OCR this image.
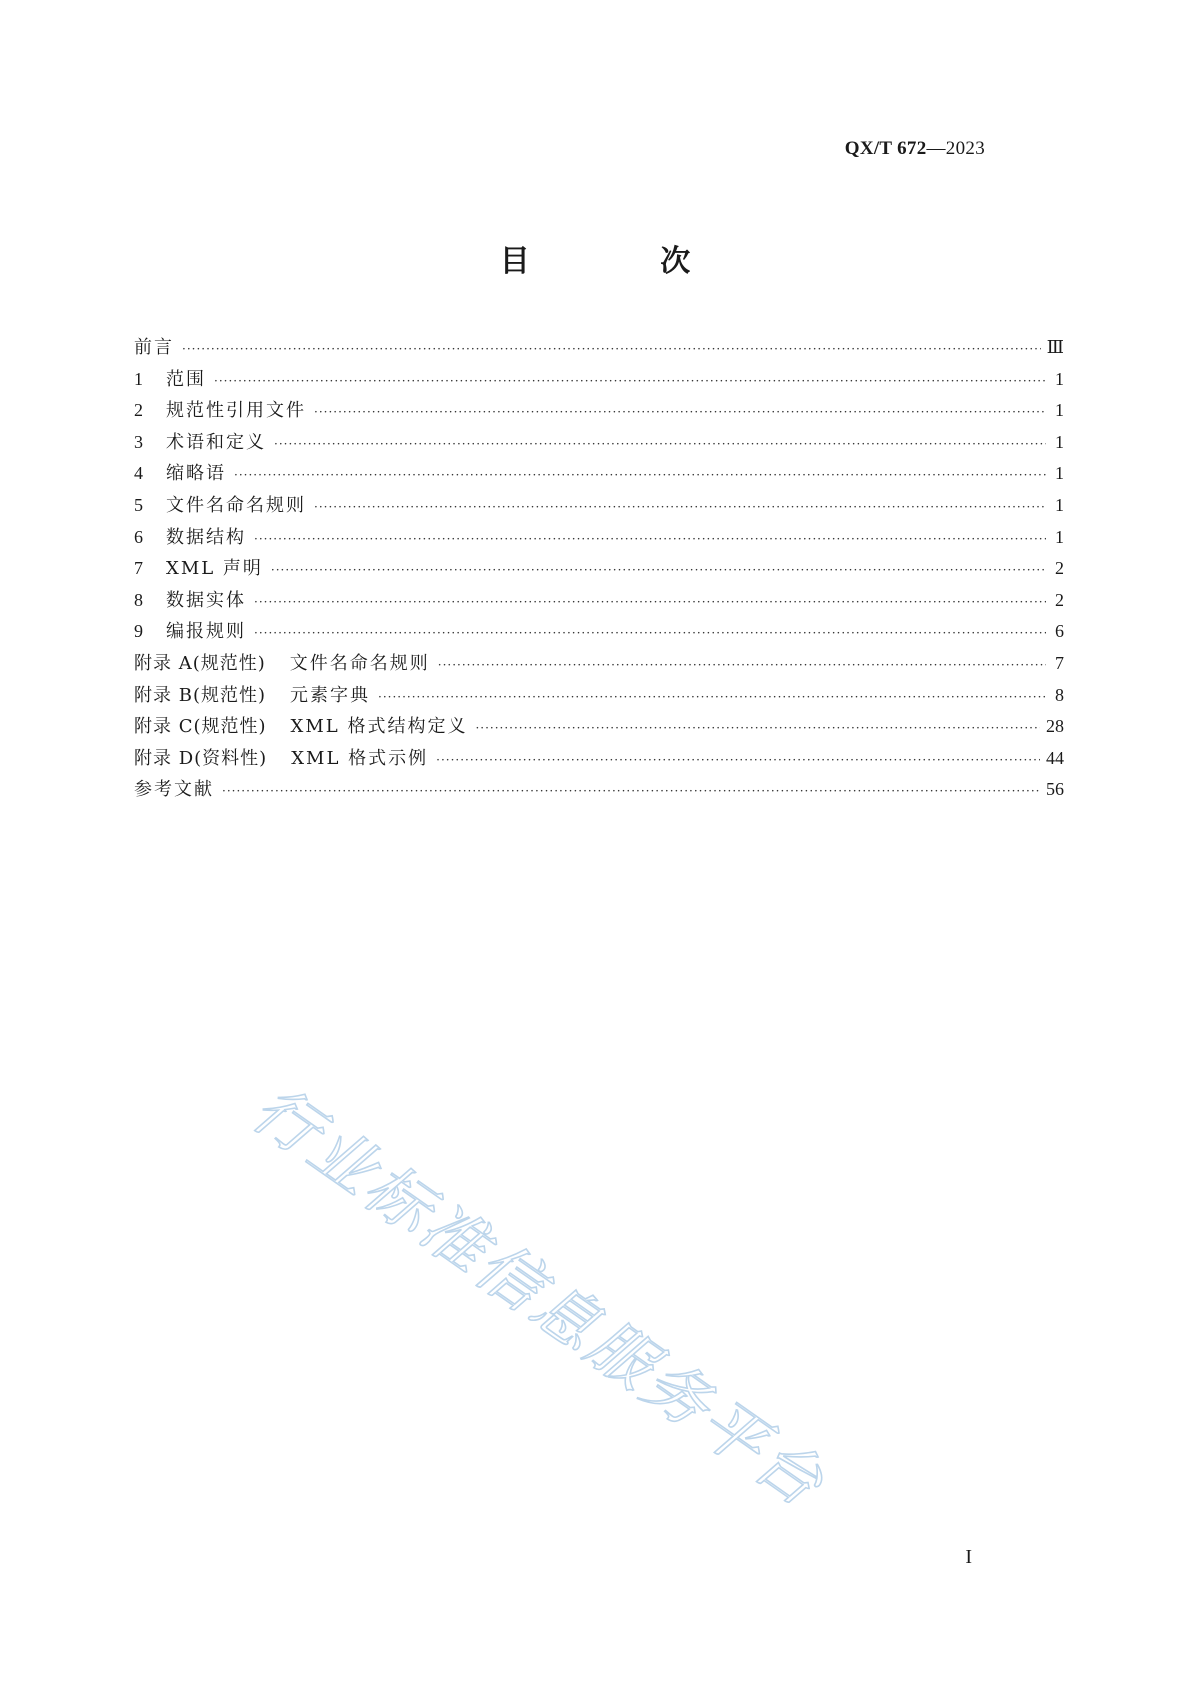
QX/T 672—2023
目 次
前言 ·····	Ⅲ
1	范围 ·····	1
2	规范性引用文件 ·····	1
3	术语和定义 ·····	1
4	缩略语 ·····	1
5	文件名命名规则 ·····	1
6	数据结构 ·····	1
7	XML 声明 ·····	2
8	数据实体 ·····	2
9	编报规则 ·····	6
附录 A(规范性) 文件名命名规则 ·····	7
附录 B(规范性) 元素字典 ·····	8
附录 C(规范性) XML 格式结构定义 ·····	28
附录 D(资料性) XML 格式示例 ·····	44
参考文献 ·····	56
行业标准信息服务平台
I
